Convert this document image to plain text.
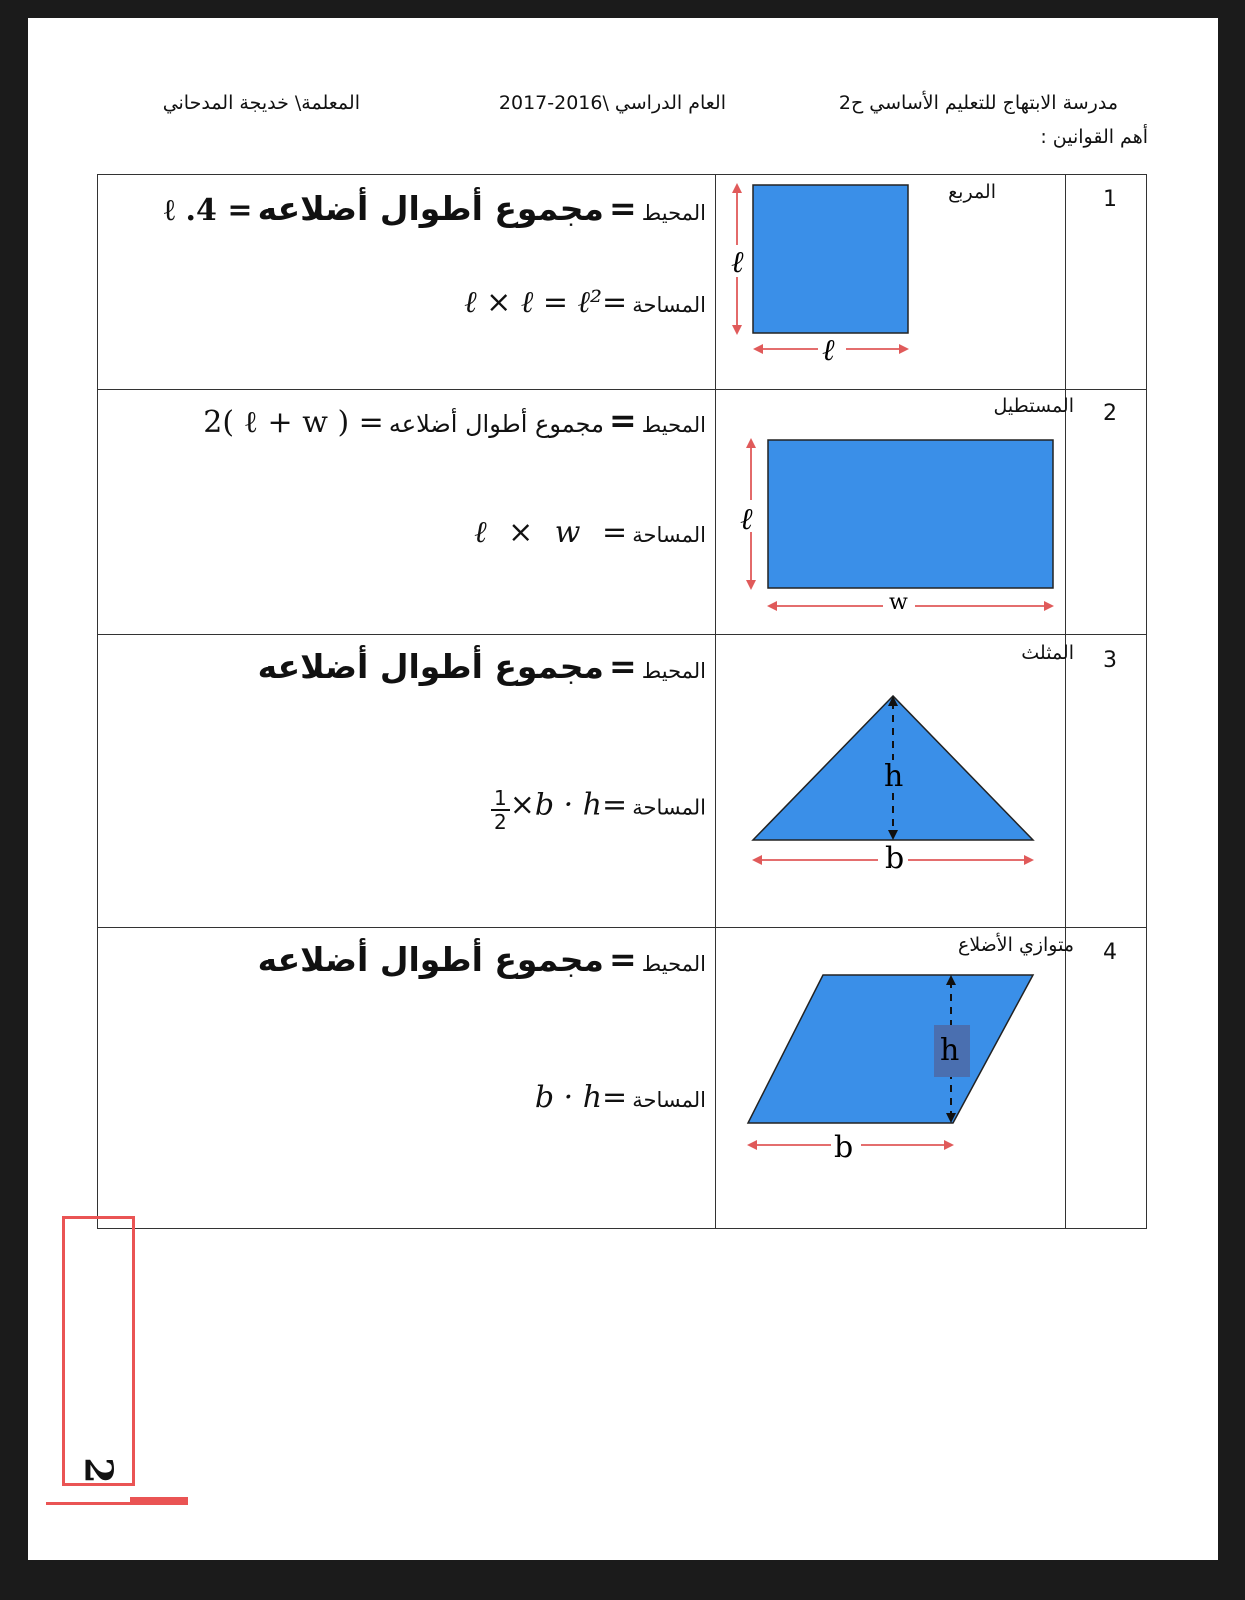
مدرسة الابتهاج للتعليم الأساسي ح2
العام الدراسي \2016-2017
المعلمة\ خديجة المدحاني
أهم القوانين :
1
المربع
ℓ
ℓ
المحيط = مجموع أطوال أضلاعه = 4. ℓ
المساحة ℓ × ℓ = ℓ²=
2
المستطيل
ℓ
w
المحيط = مجموع أطوال أضلاعه = ( ℓ + w )2
المساحة ℓ × w =
3
المثلث
h
b
المحيط = مجموع أطوال أضلاعه
المساحة
$\frac{1}{2} \times b \cdot h=$
4
متوازي الأضلاع
h
b
المحيط = مجموع أطوال أضلاعه
المساحة b · h=
2
